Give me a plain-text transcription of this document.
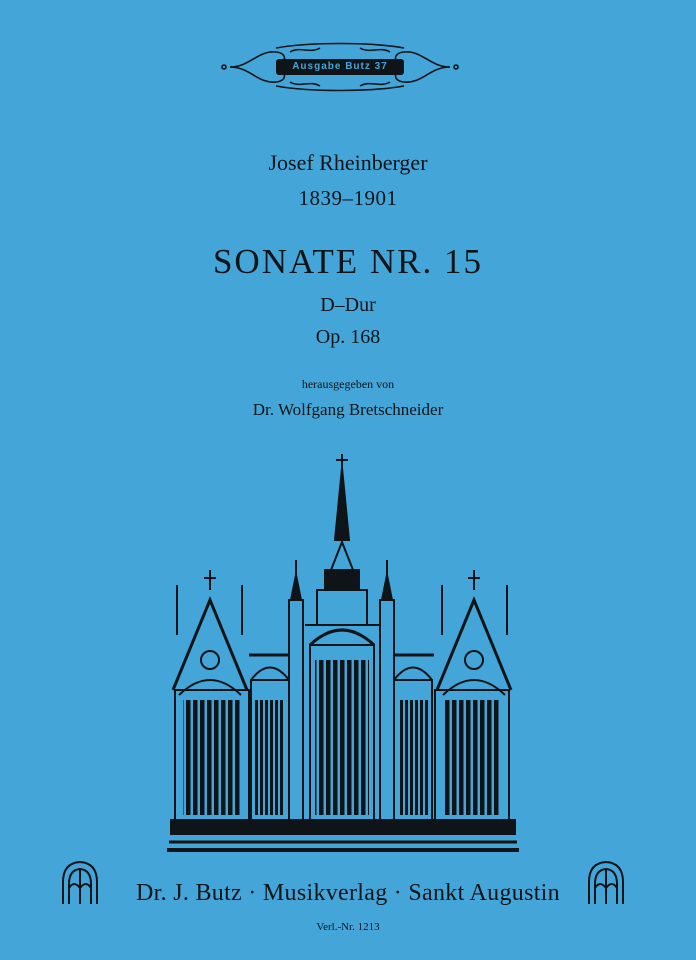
Ausgabe Butz 37
Josef Rheinberger
1839–1901
SONATE NR. 15
D–Dur
Op. 168
herausgegeben von
Dr. Wolfgang Bretschneider
Dr. J. Butz · Musikverlag · Sankt Augustin
Verl.-Nr. 1213
